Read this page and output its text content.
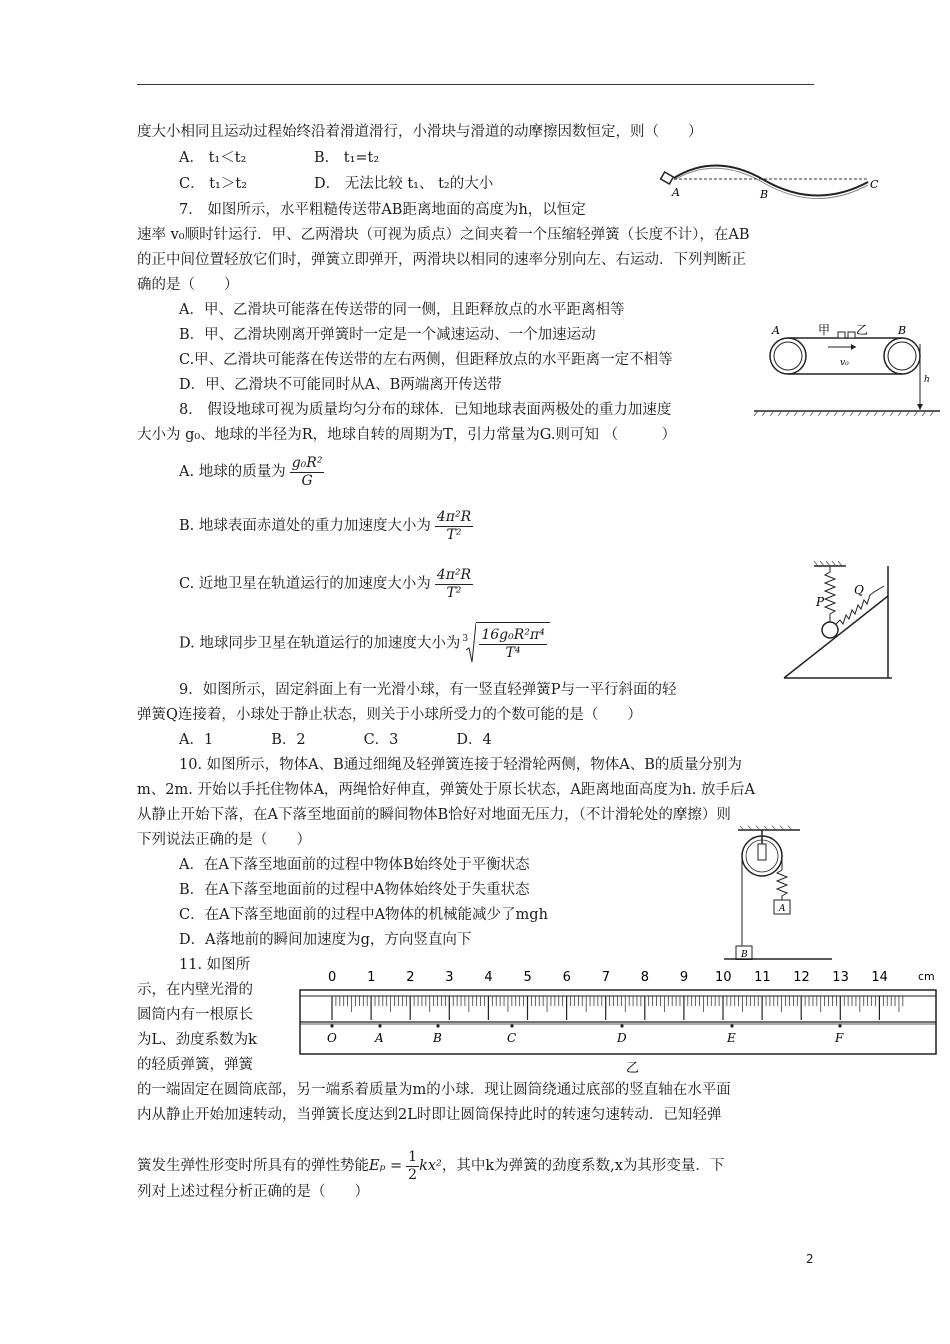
度大小相同且运动过程始终沿着滑道滑行，小滑块与滑道的动摩擦因数恒定，则（　　）
A． t₁＜t₂	B． t₁=t₂
C． t₁＞t₂	D． 无法比较 t₁、 t₂的大小
A	B
C
7． 如图所示，水平粗糙传送带AB距离地面的高度为h，以恒定
速率 v₀顺时针运行．甲、乙两滑块（可视为质点）之间夹着一个压缩轻弹簧（长度不计），在AB
的正中间位置轻放它们时，弹簧立即弹开，两滑块以相同的速率分别向左、右运动．下列判断正
确的是（　　）
A．甲、乙滑块可能落在传送带的同一侧，且距释放点的水平距离相等
B．甲、乙滑块刚离开弹簧时一定是一个减速运动、一个加速运动
C.甲、乙滑块可能落在传送带的左右两侧，但距释放点的水平距离一定不相等
D．甲、乙滑块不可能同时从A、B两端离开传送带
v₀
A	B
甲 乙
h
8． 假设地球可视为质量均匀分布的球体．已知地球表面两极处的重力加速度
大小为 g₀、地球的半径为R，地球自转的周期为T，引力常量为G.则可知 （　　　）
A. 地球的质量为 $\frac{\text{g₀R²}}{G}$
B. 地球表面赤道处的重力加速度大小为 $\frac{\text{4π²R}}{\text{T²}}$
C. 近地卫星在轨道运行的加速度大小为 $\frac{\text{4π²R}}{\text{T²}}$
D. 地球同步卫星在轨道运行的加速度大小为 $3 \frac{\text{16g₀R²π⁴}}{\text{T⁴}}$
P
Q
9．如图所示，固定斜面上有一光滑小球，有一竖直轻弹簧P与一平行斜面的轻
弹簧Q连接着，小球处于静止状态，则关于小球所受力的个数可能的是（　　）
A．1　　　　B．2　　　　C．3　　　　D．4
10. 如图所示，物体A、B通过细绳及轻弹簧连接于轻滑轮两侧，物体A、B的质量分别为
m、2m. 开始以手托住物体A，两绳恰好伸直，弹簧处于原长状态，A距离地面高度为h. 放手后A
从静止开始下落，在A下落至地面前的瞬间物体B恰好对地面无压力，（不计滑轮处的摩擦）则
下列说法正确的是（　　）
A．在A下落至地面前的过程中物体B始终处于平衡状态
B．在A下落至地面前的过程中A物体始终处于失重状态
C．在A下落至地面前的过程中A物体的机械能减少了mgh
D．A落地前的瞬间加速度为g，方向竖直向下
A
B
11. 如图所
示，在内壁光滑的
圆筒内有一根原长
为L、劲度系数为k
的轻质弹簧，弹簧
0 1 2 3 4 5 6 7 8 9 10 11 12 13 14	cm
O	A	B	C	D	E	F
乙
的一端固定在圆筒底部，另一端系着质量为m的小球．现让圆筒绕通过底部的竖直轴在水平面
内从静止开始加速转动，当弹簧长度达到2L时即让圆筒保持此时的转速匀速转动．已知轻弹
簧发生弹性形变时所具有的弹性势能$E_p = \frac{1}{2} kx^2$，其中k为弹簧的劲度系数,x为其形变量．下
列对上述过程分析正确的是（　　）
2
